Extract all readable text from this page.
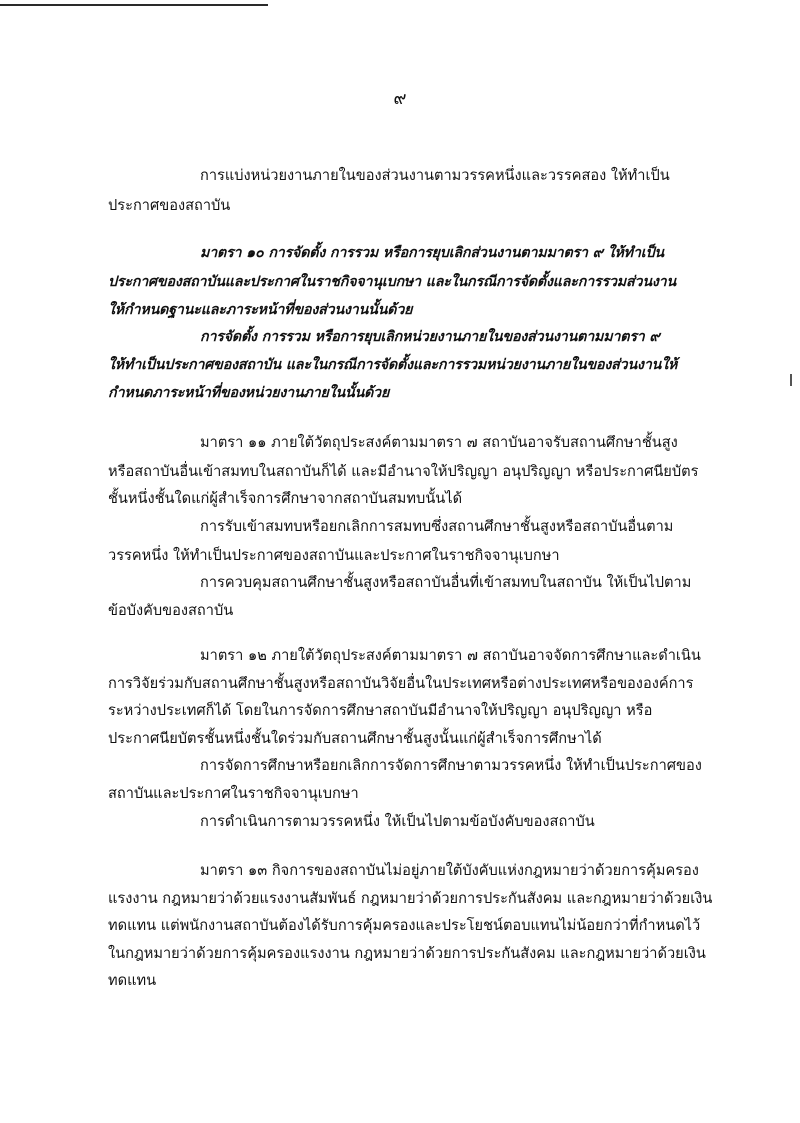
๙
การแบ่งหน่วยงานภายในของส่วนงานตามวรรคหนึ่งและวรรคสอง ให้ทำเป็น
ประกาศของสถาบัน
มาตรา ๑๐ การจัดตั้ง การรวม หรือการยุบเลิกส่วนงานตามมาตรา ๙ ให้ทำเป็น
ประกาศของสถาบันและประกาศในราชกิจจานุเบกษา และในกรณีการจัดตั้งและการรวมส่วนงาน
ให้กำหนดฐานะและภาระหน้าที่ของส่วนงานนั้นด้วย
การจัดตั้ง การรวม หรือการยุบเลิกหน่วยงานภายในของส่วนงานตามมาตรา ๙
ให้ทำเป็นประกาศของสถาบัน และในกรณีการจัดตั้งและการรวมหน่วยงานภายในของส่วนงานให้
กำหนดภาระหน้าที่ของหน่วยงานภายในนั้นด้วย
มาตรา ๑๑ ภายใต้วัตถุประสงค์ตามมาตรา ๗ สถาบันอาจรับสถานศึกษาชั้นสูง
หรือสถาบันอื่นเข้าสมทบในสถาบันก็ได้ และมีอำนาจให้ปริญญา อนุปริญญา หรือประกาศนียบัตร
ชั้นหนึ่งชั้นใดแก่ผู้สำเร็จการศึกษาจากสถาบันสมทบนั้นได้
การรับเข้าสมทบหรือยกเลิกการสมทบซึ่งสถานศึกษาชั้นสูงหรือสถาบันอื่นตาม
วรรคหนึ่ง ให้ทำเป็นประกาศของสถาบันและประกาศในราชกิจจานุเบกษา
การควบคุมสถานศึกษาชั้นสูงหรือสถาบันอื่นที่เข้าสมทบในสถาบัน ให้เป็นไปตาม
ข้อบังคับของสถาบัน
มาตรา ๑๒ ภายใต้วัตถุประสงค์ตามมาตรา ๗ สถาบันอาจจัดการศึกษาและดำเนิน
การวิจัยร่วมกับสถานศึกษาชั้นสูงหรือสถาบันวิจัยอื่นในประเทศหรือต่างประเทศหรือขององค์การ
ระหว่างประเทศก็ได้ โดยในการจัดการศึกษาสถาบันมีอำนาจให้ปริญญา อนุปริญญา หรือ
ประกาศนียบัตรชั้นหนึ่งชั้นใดร่วมกับสถานศึกษาชั้นสูงนั้นแก่ผู้สำเร็จการศึกษาได้
การจัดการศึกษาหรือยกเลิกการจัดการศึกษาตามวรรคหนึ่ง ให้ทำเป็นประกาศของ
สถาบันและประกาศในราชกิจจานุเบกษา
การดำเนินการตามวรรคหนึ่ง ให้เป็นไปตามข้อบังคับของสถาบัน
มาตรา ๑๓ กิจการของสถาบันไม่อยู่ภายใต้บังคับแห่งกฎหมายว่าด้วยการคุ้มครอง
แรงงาน กฎหมายว่าด้วยแรงงานสัมพันธ์ กฎหมายว่าด้วยการประกันสังคม และกฎหมายว่าด้วยเงิน
ทดแทน แต่พนักงานสถาบันต้องได้รับการคุ้มครองและประโยชน์ตอบแทนไม่น้อยกว่าที่กำหนดไว้
ในกฎหมายว่าด้วยการคุ้มครองแรงงาน กฎหมายว่าด้วยการประกันสังคม และกฎหมายว่าด้วยเงิน
ทดแทน
